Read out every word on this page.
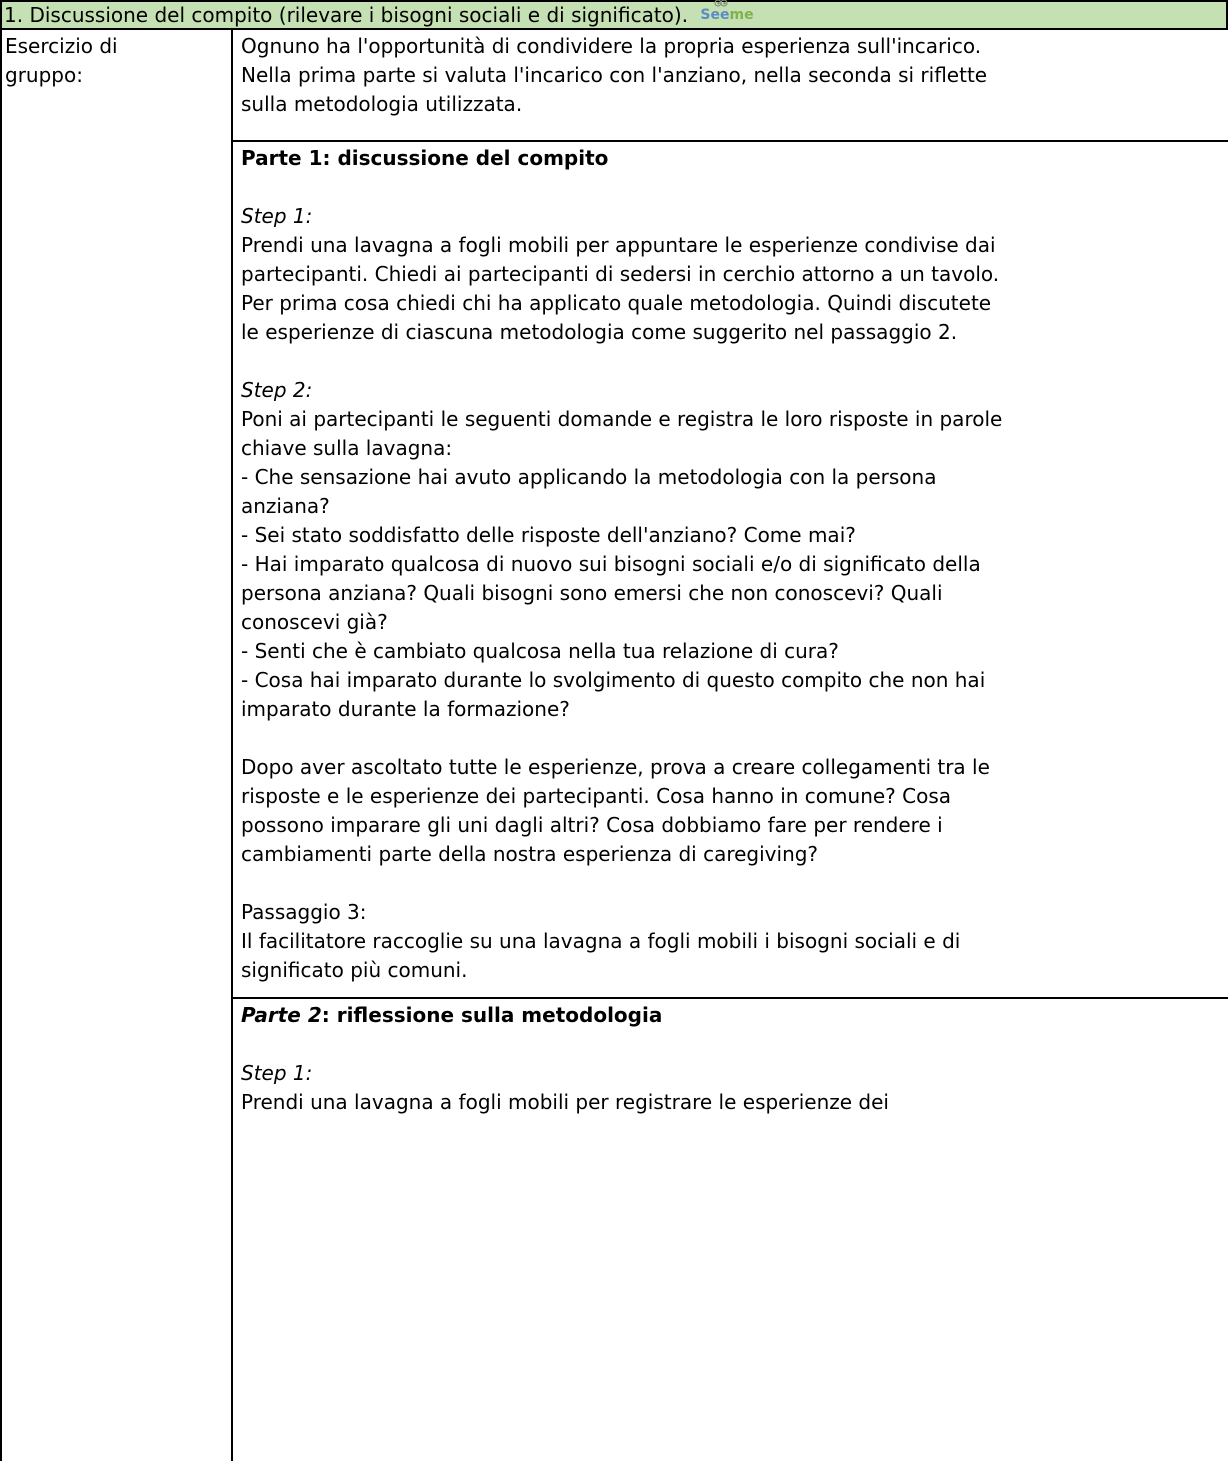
1. Discussione del compito (rilevare i bisogni sociali e di significato). Seeme
Esercizio di
gruppo:
Ognuno ha l'opportunità di condividere la propria esperienza sull'incarico.
Nella prima parte si valuta l'incarico con l'anziano, nella seconda si riflette
sulla metodologia utilizzata.
Parte 1: discussione del compito
Step 1:
Prendi una lavagna a fogli mobili per appuntare le esperienze condivise dai
partecipanti. Chiedi ai partecipanti di sedersi in cerchio attorno a un tavolo.
Per prima cosa chiedi chi ha applicato quale metodologia. Quindi discutete
le esperienze di ciascuna metodologia come suggerito nel passaggio 2.
Step 2:
Poni ai partecipanti le seguenti domande e registra le loro risposte in parole
chiave sulla lavagna:
- Che sensazione hai avuto applicando la metodologia con la persona
anziana?
- Sei stato soddisfatto delle risposte dell'anziano? Come mai?
- Hai imparato qualcosa di nuovo sui bisogni sociali e/o di significato della
persona anziana? Quali bisogni sono emersi che non conoscevi? Quali
conoscevi già?
- Senti che è cambiato qualcosa nella tua relazione di cura?
- Cosa hai imparato durante lo svolgimento di questo compito che non hai
imparato durante la formazione?
Dopo aver ascoltato tutte le esperienze, prova a creare collegamenti tra le
risposte e le esperienze dei partecipanti. Cosa hanno in comune? Cosa
possono imparare gli uni dagli altri? Cosa dobbiamo fare per rendere i
cambiamenti parte della nostra esperienza di caregiving?
Passaggio 3:
Il facilitatore raccoglie su una lavagna a fogli mobili i bisogni sociali e di
significato più comuni.
Parte 2: riflessione sulla metodologia
Step 1:
Prendi una lavagna a fogli mobili per registrare le esperienze dei
